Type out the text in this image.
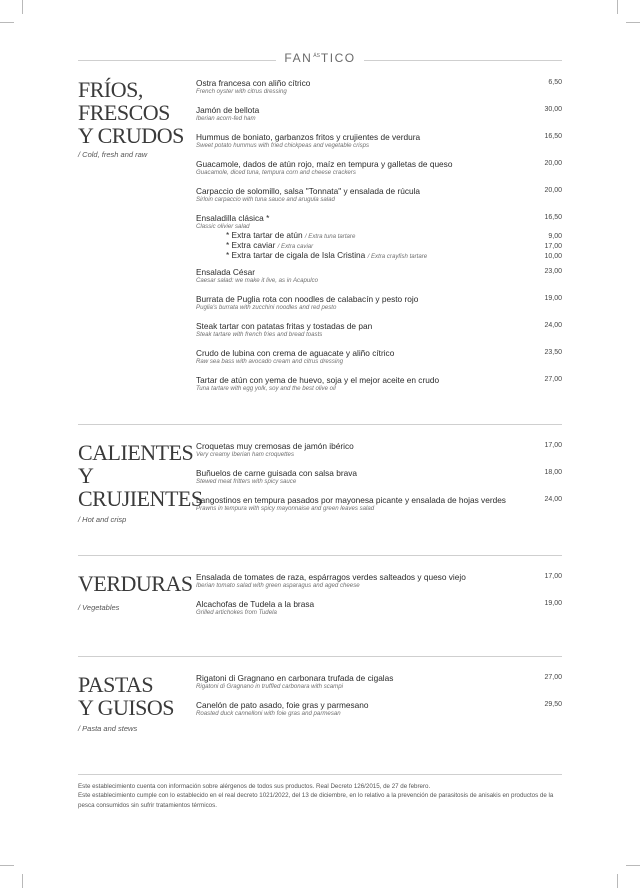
$FAN^{ÁS}TICO$
FRÍOS,
FRESCOS
Y CRUDOS
/ Cold, fresh and raw
Ostra francesa con aliño cítrico
French oyster with citrus dressing
6,50
Jamón de bellota
Iberian acorn-fed ham
30,00
Hummus de boniato, garbanzos fritos y crujientes de verdura
Sweet potato hummus with fried chickpeas and vegetable crisps
16,50
Guacamole, dados de atún rojo, maíz en tempura y galletas de queso
Guacamole, diced tuna, tempura corn and cheese crackers
20,00
Carpaccio de solomillo, salsa "Tonnata" y ensalada de rúcula
Sirloin carpaccio with tuna sauce and arugula salad
20,00
Ensaladilla clásica *
Classic olivier salad
16,50
* Extra tartar de atún / Extra tuna tartare	9,00
* Extra caviar / Extra caviar	17,00
* Extra tartar de cigala de Isla Cristina / Extra crayfish tartare	10,00
Ensalada César
Caesar salad: we make it live, as in Acapulco
23,00
Burrata de Puglia rota con noodles de calabacín y pesto rojo
Puglia's burrata with zucchini noodles and red pesto
19,00
Steak tartar con patatas fritas y tostadas de pan
Steak tartare with french fries and bread toasts
24,00
Crudo de lubina con crema de aguacate y aliño cítrico
Raw sea bass with avocado cream and citrus dressing
23,50
Tartar de atún con yema de huevo, soja y el mejor aceite en crudo
Tuna tartare with egg yolk, soy and the best olive oil
27,00
CALIENTES
Y
CRUJIENTES
/ Hot and crisp
Croquetas muy cremosas de jamón ibérico
Very creamy Iberian ham croquettes
17,00
Buñuelos de carne guisada con salsa brava
Stewed meat fritters with spicy sauce
18,00
Langostinos en tempura pasados por mayonesa picante y ensalada de hojas verdes
Prawns in tempura with spicy mayonnaise and green leaves salad
24,00
VERDURAS
/ Vegetables
Ensalada de tomates de raza, espárragos verdes salteados y queso viejo
Iberian tomato salad with green asparagus and aged cheese
17,00
Alcachofas de Tudela a la brasa
Grilled artichokes from Tudela
19,00
PASTAS
Y GUISOS
/ Pasta and stews
Rigatoni di Gragnano en carbonara trufada de cigalas
Rigatoni di Gragnano in truffled carbonara with scampi
27,00
Canelón de pato asado, foie gras y parmesano
Roasted duck cannelloni with foie gras and parmesan
29,50

Este establecimiento cuenta con información sobre alérgenos de todos sus productos. Real Decreto 126/2015, de 27 de febrero.

Este establecimiento cumple con lo establecido en el real decreto 1021/2022, del 13 de diciembre, en lo relativo a la prevención de parasitosis de anisakis en productos de la pesca consumidos sin sufrir tratamientos térmicos.
